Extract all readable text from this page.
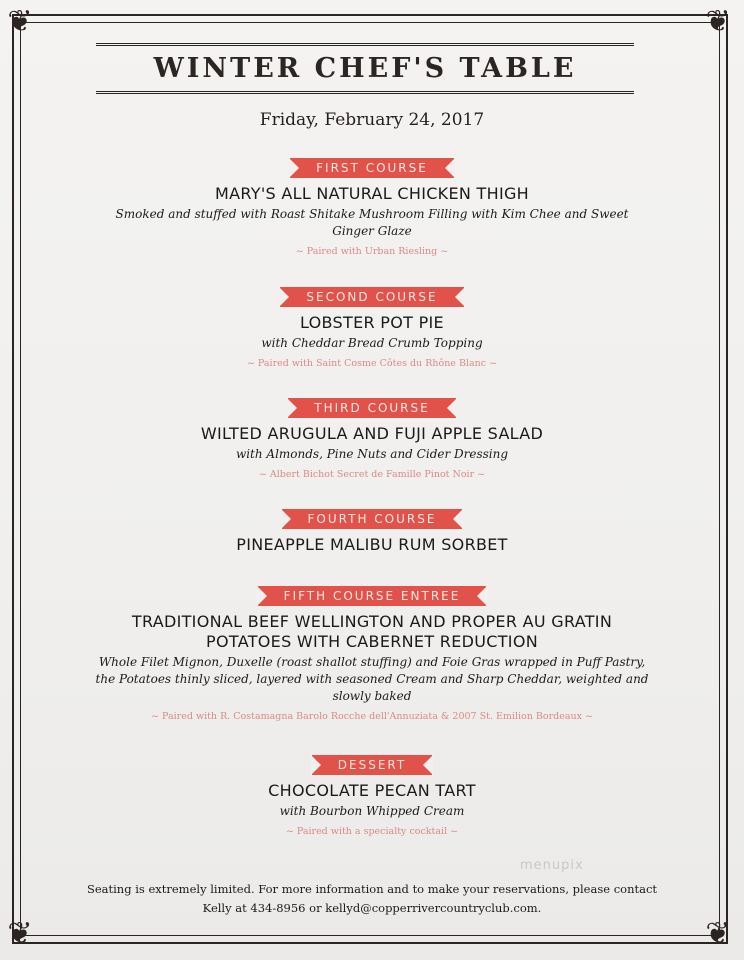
❦	❦
❦	❦
WINTER CHEF'S TABLE
Friday, February 24, 2017
FIRST COURSE
MARY'S ALL NATURAL CHICKEN THIGH
Smoked and stuffed with Roast Shitake Mushroom Filling with Kim Chee and Sweet Ginger Glaze
~ Paired with Urban Riesling ~
SECOND COURSE
LOBSTER POT PIE
with Cheddar Bread Crumb Topping
~ Paired with Saint Cosme Côtes du Rhône Blanc ~
THIRD COURSE
WILTED ARUGULA AND FUJI APPLE SALAD
with Almonds, Pine Nuts and Cider Dressing
~ Albert Bichot Secret de Famille Pinot Noir ~
FOURTH COURSE
PINEAPPLE MALIBU RUM SORBET
FIFTH COURSE ENTREE
TRADITIONAL BEEF WELLINGTON AND PROPER AU GRATIN POTATOES WITH CABERNET REDUCTION
Whole Filet Mignon, Duxelle (roast shallot stuffing) and Foie Gras wrapped in Puff Pastry, the Potatoes thinly sliced, layered with seasoned Cream and Sharp Cheddar, weighted and slowly baked
~ Paired with R. Costamagna Barolo Rocche dell'Annuziata & 2007 St. Emilion Bordeaux ~
DESSERT
CHOCOLATE PECAN TART
with Bourbon Whipped Cream
~ Paired with a specialty cocktail ~
menupix
Seating is extremely limited. For more information and to make your reservations, please contact
Kelly at 434-8956 or kellyd@copperrivercountryclub.com.
